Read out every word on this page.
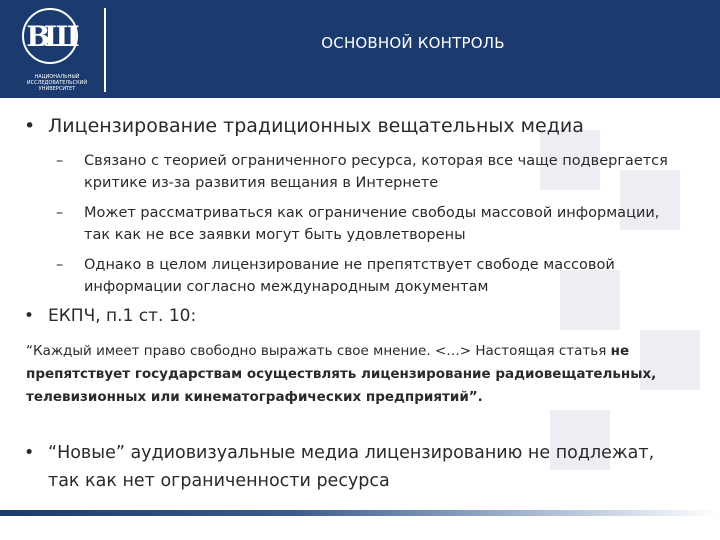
ВШ
НАЦИОНАЛЬНЫЙ ИССЛЕДОВАТЕЛЬСКИЙ УНИВЕРСИТЕТ
ОСНОВНОЙ КОНТРОЛЬ
• Лицензирование традиционных вещательных медиа
–	Связано с теорией ограниченного ресурса, которая все чаще подвергается критике из-за развития вещания в Интернете
–	Может рассматриваться как ограничение свободы массовой информации, так как не все заявки могут быть удовлетворены
–	Однако в целом лицензирование не препятствует свободе массовой информации согласно международным документам
• ЕКПЧ, п.1 ст. 10:
“Каждый имеет право свободно выражать свое мнение. <…> Настоящая статья не препятствует государствам осуществлять лицензирование радиовещательных, телевизионных или кинематографических предприятий”.
• “Новые” аудиовизуальные медиа лицензированию не подлежат, так как нет ограниченности ресурса
